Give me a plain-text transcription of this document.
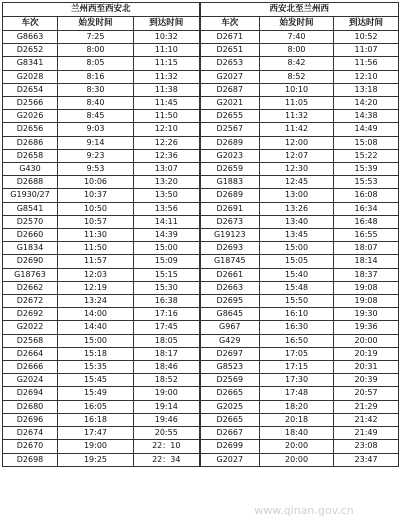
兰州西至西安北			西安北至兰州西		
车次	始发时间	到达时间	车次	始发时间	到达时间
G8663	7:25	10:32	D2671	7:40	10:52
D2652	8:00	11:10	D2651	8:00	11:07
G8341	8:05	11:15	D2653	8:42	11:56
G2028	8:16	11:32	G2027	8:52	12:10
D2654	8:30	11:38	D2687	10:10	13:18
D2566	8:40	11:45	G2021	11:05	14:20
G2026	8:45	11:50	D2655	11:32	14:38
D2656	9:03	12:10	D2567	11:42	14:49
D2686	9:14	12:26	D2689	12:00	15:08
D2658	9:23	12:36	G2023	12:07	15:22
G430	9:53	13:07	D2659	12:30	15:39
D2688	10:06	13:20	G1883	12:45	15:53
G1930/27	10:37	13:50	D2689	13:00	16:08
G8541	10:50	13:56	D2691	13:26	16:34
D2570	10:57	14:11	D2673	13:40	16:48
D2660	11:30	14:39	G19123	13:45	16:55
G1834	11:50	15:00	D2693	15:00	18:07
D2690	11:57	15:09	G18745	15:05	18:14
G18763	12:03	15:15	D2661	15:40	18:37
D2662	12:19	15:30	D2663	15:48	19:08
D2672	13:24	16:38	D2695	15:50	19:08
D2692	14:00	17:16	G8645	16:10	19:30
G2022	14:40	17:45	G967	16:30	19:36
D2568	15:00	18:05	G429	16:50	20:00
D2664	15:18	18:17	D2697	17:05	20:19
D2666	15:35	18:46	G8523	17:15	20:31
G2024	15:45	18:52	D2569	17:30	20:39
D2694	15:49	19:00	D2665	17:48	20:57
D2680	16:05	19:14	G2025	18:20	21:29
D2696	16:18	19:46	D2665	20:18	21:42
D2674	17:47	20:55	D2667	18:40	21:49
D2670	19:00	22：10	D2699	20:00	23:08
D2698	19:25	22：34	G2027	20:00	23:47
www.qinan.gov.cn
